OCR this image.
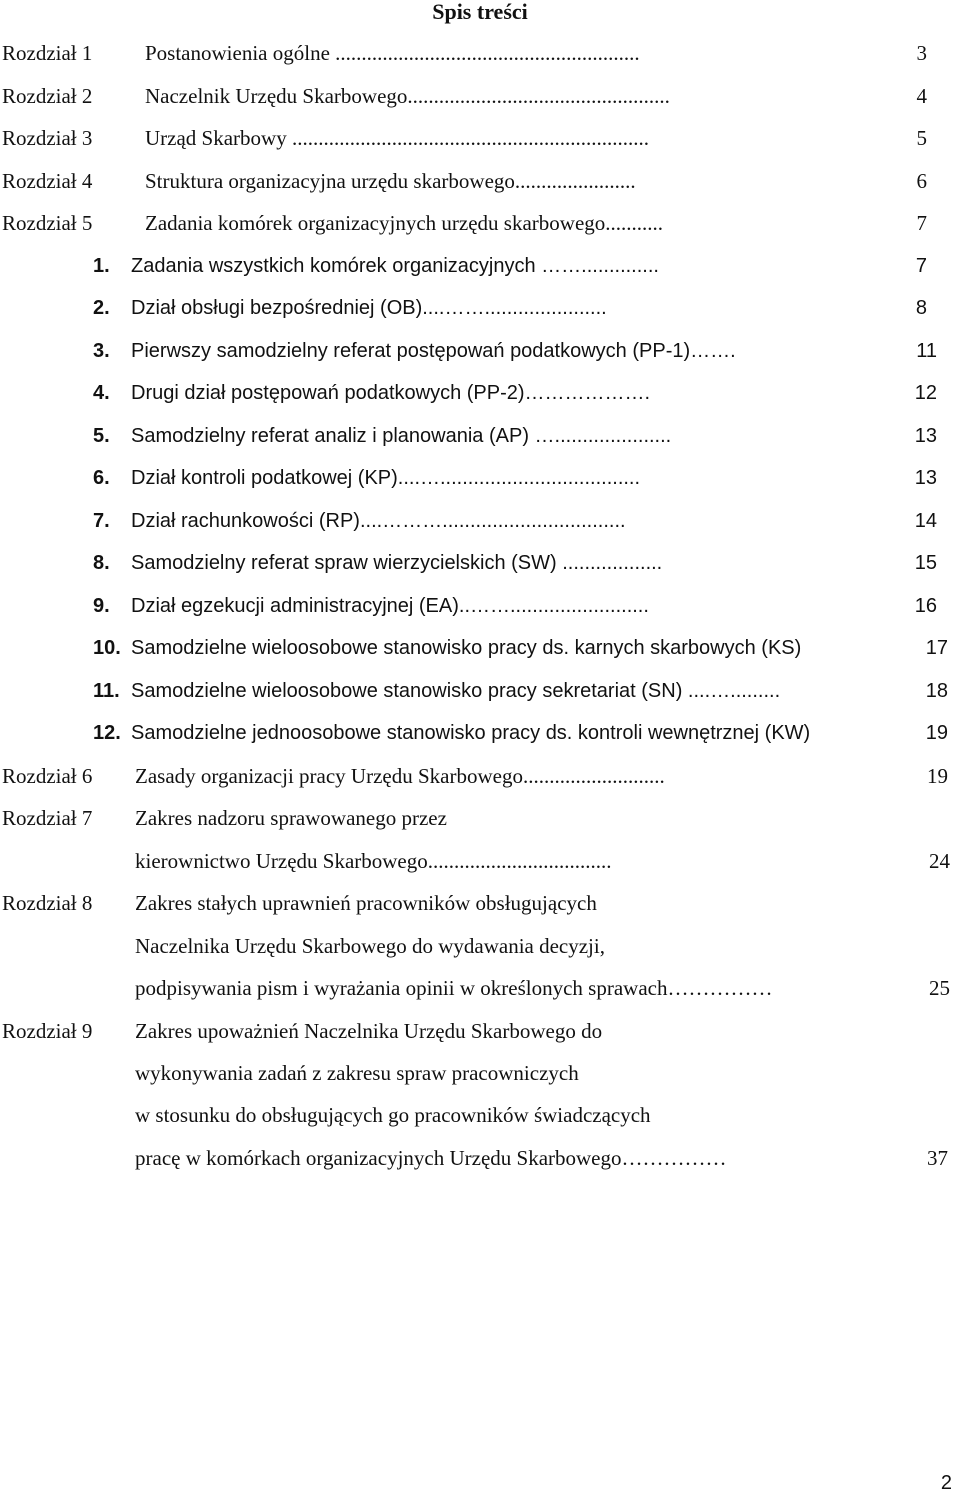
Spis treści
Rozdział 1	Postanowienia ogólne ..........................................................	3
Rozdział 2	Naczelnik Urzędu Skarbowego..................................................	4
Rozdział 3	Urząd Skarbowy ....................................................................	5
Rozdział 4	Struktura organizacyjna urzędu skarbowego.......................	6
Rozdział 5	Zadania komórek organizacyjnych urzędu skarbowego...........	7
1. Zadania wszystkich komórek organizacyjnych ……..............	7
2. Dział obsługi bezpośredniej (OB)....……......................	8
3. Pierwszy samodzielny referat postępowań podatkowych (PP-1)…….	11
4. Drugi dział postępowań podatkowych (PP-2)……………….	12
5. Samodzielny referat analiz i planowania (AP) ….....................	13
6. Dział kontroli podatkowej (KP)....…....................................	13
7. Dział rachunkowości (RP)....……….................................	14
8. Samodzielny referat spraw wierzycielskich (SW) ..................	15
9. Dział egzekucji administracyjnej (EA)..…….........................	16
10. Samodzielne wieloosobowe stanowisko pracy ds. karnych skarbowych (KS)	17
11. Samodzielne wieloosobowe stanowisko pracy sekretariat (SN) ....….........	18
12. Samodzielne jednoosobowe stanowisko pracy ds. kontroli wewnętrznej (KW)	19
Rozdział 6 Zasady organizacji pracy Urzędu Skarbowego...........................	19
Rozdział 7 Zakres nadzoru sprawowanego przez
kierownictwo Urzędu Skarbowego...................................	24
Rozdział 8 Zakres stałych uprawnień pracowników obsługujących
Naczelnika Urzędu Skarbowego do wydawania decyzji,
podpisywania pism i wyrażania opinii w określonych sprawach……………	25
Rozdział 9 Zakres upoważnień Naczelnika Urzędu Skarbowego do
wykonywania zadań z zakresu spraw pracowniczych
w stosunku do obsługujących go pracowników świadczących
pracę w komórkach organizacyjnych Urzędu Skarbowego……………	37
2
